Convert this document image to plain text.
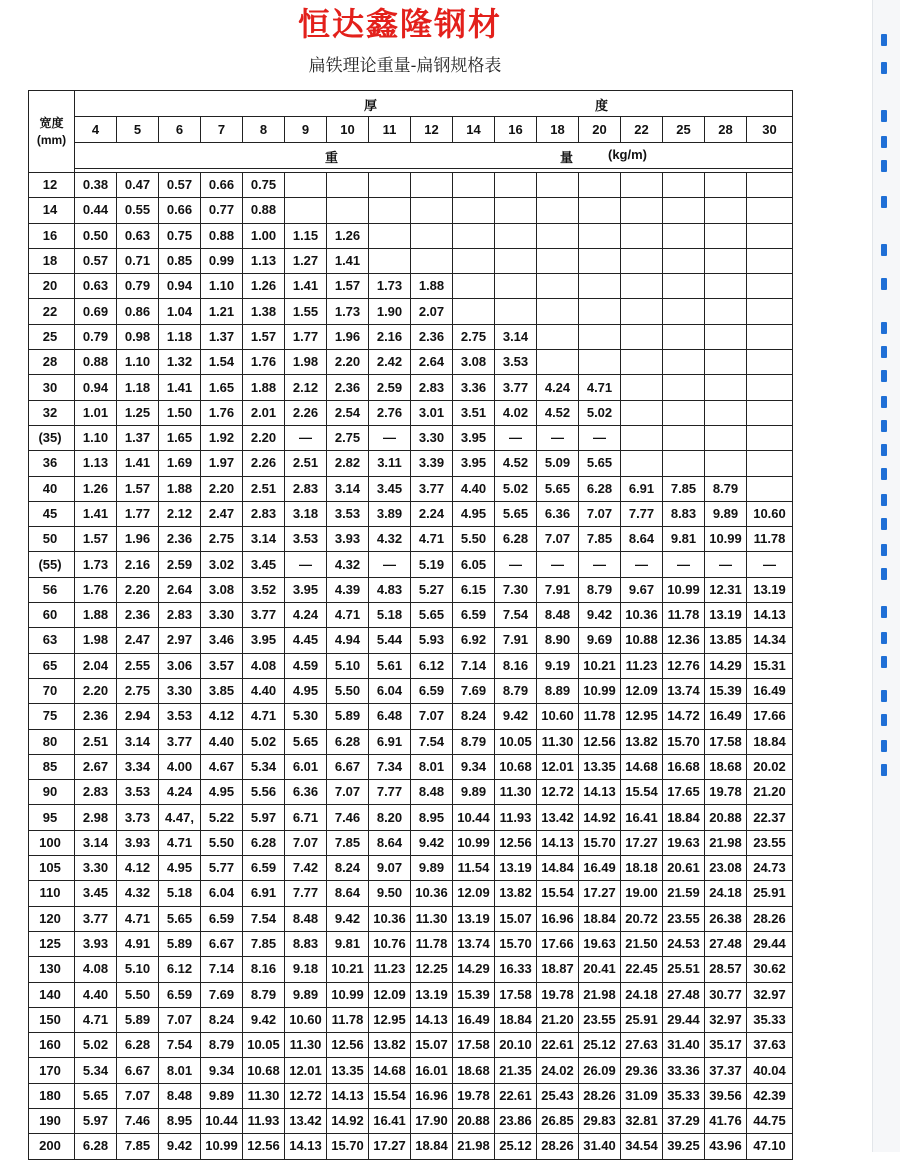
恒达鑫隆钢材
扁铁理论重量-扁钢规格表
宽度
(mm)	厚 度																

	4	5	6	7	8	9	10	11	12	14	16	18	20	22	25	28	30

	重 量 (kg/m)																

12	0.38	0.47	0.57	0.66	0.75												
14	0.44	0.55	0.66	0.77	0.88												
16	0.50	0.63	0.75	0.88	1.00	1.15	1.26										
18	0.57	0.71	0.85	0.99	1.13	1.27	1.41										
20	0.63	0.79	0.94	1.10	1.26	1.41	1.57	1.73	1.88								
22	0.69	0.86	1.04	1.21	1.38	1.55	1.73	1.90	2.07								
25	0.79	0.98	1.18	1.37	1.57	1.77	1.96	2.16	2.36	2.75	3.14						
28	0.88	1.10	1.32	1.54	1.76	1.98	2.20	2.42	2.64	3.08	3.53						
30	0.94	1.18	1.41	1.65	1.88	2.12	2.36	2.59	2.83	3.36	3.77	4.24	4.71				
32	1.01	1.25	1.50	1.76	2.01	2.26	2.54	2.76	3.01	3.51	4.02	4.52	5.02				
(35)	1.10	1.37	1.65	1.92	2.20	—	2.75	—	3.30	3.95	—	—	—				
36	1.13	1.41	1.69	1.97	2.26	2.51	2.82	3.11	3.39	3.95	4.52	5.09	5.65				
40	1.26	1.57	1.88	2.20	2.51	2.83	3.14	3.45	3.77	4.40	5.02	5.65	6.28	6.91	7.85	8.79	
45	1.41	1.77	2.12	2.47	2.83	3.18	3.53	3.89	2.24	4.95	5.65	6.36	7.07	7.77	8.83	9.89	10.60
50	1.57	1.96	2.36	2.75	3.14	3.53	3.93	4.32	4.71	5.50	6.28	7.07	7.85	8.64	9.81	10.99	11.78
(55)	1.73	2.16	2.59	3.02	3.45	—	4.32	—	5.19	6.05	—	—	—	—	—	—	—
56	1.76	2.20	2.64	3.08	3.52	3.95	4.39	4.83	5.27	6.15	7.30	7.91	8.79	9.67	10.99	12.31	13.19
60	1.88	2.36	2.83	3.30	3.77	4.24	4.71	5.18	5.65	6.59	7.54	8.48	9.42	10.36	11.78	13.19	14.13
63	1.98	2.47	2.97	3.46	3.95	4.45	4.94	5.44	5.93	6.92	7.91	8.90	9.69	10.88	12.36	13.85	14.34
65	2.04	2.55	3.06	3.57	4.08	4.59	5.10	5.61	6.12	7.14	8.16	9.19	10.21	11.23	12.76	14.29	15.31
70	2.20	2.75	3.30	3.85	4.40	4.95	5.50	6.04	6.59	7.69	8.79	8.89	10.99	12.09	13.74	15.39	16.49
75	2.36	2.94	3.53	4.12	4.71	5.30	5.89	6.48	7.07	8.24	9.42	10.60	11.78	12.95	14.72	16.49	17.66
80	2.51	3.14	3.77	4.40	5.02	5.65	6.28	6.91	7.54	8.79	10.05	11.30	12.56	13.82	15.70	17.58	18.84
85	2.67	3.34	4.00	4.67	5.34	6.01	6.67	7.34	8.01	9.34	10.68	12.01	13.35	14.68	16.68	18.68	20.02
90	2.83	3.53	4.24	4.95	5.56	6.36	7.07	7.77	8.48	9.89	11.30	12.72	14.13	15.54	17.65	19.78	21.20
95	2.98	3.73	4.47,	5.22	5.97	6.71	7.46	8.20	8.95	10.44	11.93	13.42	14.92	16.41	18.84	20.88	22.37
100	3.14	3.93	4.71	5.50	6.28	7.07	7.85	8.64	9.42	10.99	12.56	14.13	15.70	17.27	19.63	21.98	23.55
105	3.30	4.12	4.95	5.77	6.59	7.42	8.24	9.07	9.89	11.54	13.19	14.84	16.49	18.18	20.61	23.08	24.73
110	3.45	4.32	5.18	6.04	6.91	7.77	8.64	9.50	10.36	12.09	13.82	15.54	17.27	19.00	21.59	24.18	25.91
120	3.77	4.71	5.65	6.59	7.54	8.48	9.42	10.36	11.30	13.19	15.07	16.96	18.84	20.72	23.55	26.38	28.26
125	3.93	4.91	5.89	6.67	7.85	8.83	9.81	10.76	11.78	13.74	15.70	17.66	19.63	21.50	24.53	27.48	29.44
130	4.08	5.10	6.12	7.14	8.16	9.18	10.21	11.23	12.25	14.29	16.33	18.87	20.41	22.45	25.51	28.57	30.62
140	4.40	5.50	6.59	7.69	8.79	9.89	10.99	12.09	13.19	15.39	17.58	19.78	21.98	24.18	27.48	30.77	32.97
150	4.71	5.89	7.07	8.24	9.42	10.60	11.78	12.95	14.13	16.49	18.84	21.20	23.55	25.91	29.44	32.97	35.33
160	5.02	6.28	7.54	8.79	10.05	11.30	12.56	13.82	15.07	17.58	20.10	22.61	25.12	27.63	31.40	35.17	37.63
170	5.34	6.67	8.01	9.34	10.68	12.01	13.35	14.68	16.01	18.68	21.35	24.02	26.09	29.36	33.36	37.37	40.04
180	5.65	7.07	8.48	9.89	11.30	12.72	14.13	15.54	16.96	19.78	22.61	25.43	28.26	31.09	35.33	39.56	42.39
190	5.97	7.46	8.95	10.44	11.93	13.42	14.92	16.41	17.90	20.88	23.86	26.85	29.83	32.81	37.29	41.76	44.75
200	6.28	7.85	9.42	10.99	12.56	14.13	15.70	17.27	18.84	21.98	25.12	28.26	31.40	34.54	39.25	43.96	47.10
